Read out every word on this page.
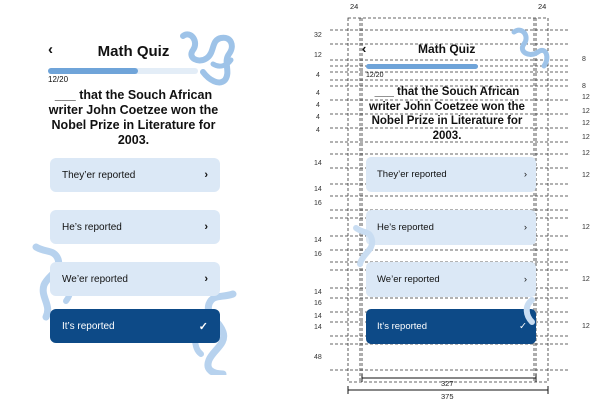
‹	Math Quiz
12/20
___ that the Souch African writer John Coetzee won the Nobel Prize in Literature for 2003.
They’er reported	›
He’s reported	›
We’er reported	›
It’s reported	✓
24	24
327
375
32
12
4
4
4
4
4
14
14
16
14
16
14
16
14
14
48
8
8
12
12
12
12
12
12
12
12
12
‹	Math Quiz
12/20
___ that the Souch African writer John Coetzee won the Nobel Prize in Literature for 2003.
They’er reported	›
He’s reported	›
We’er reported	›
It’s reported	✓
